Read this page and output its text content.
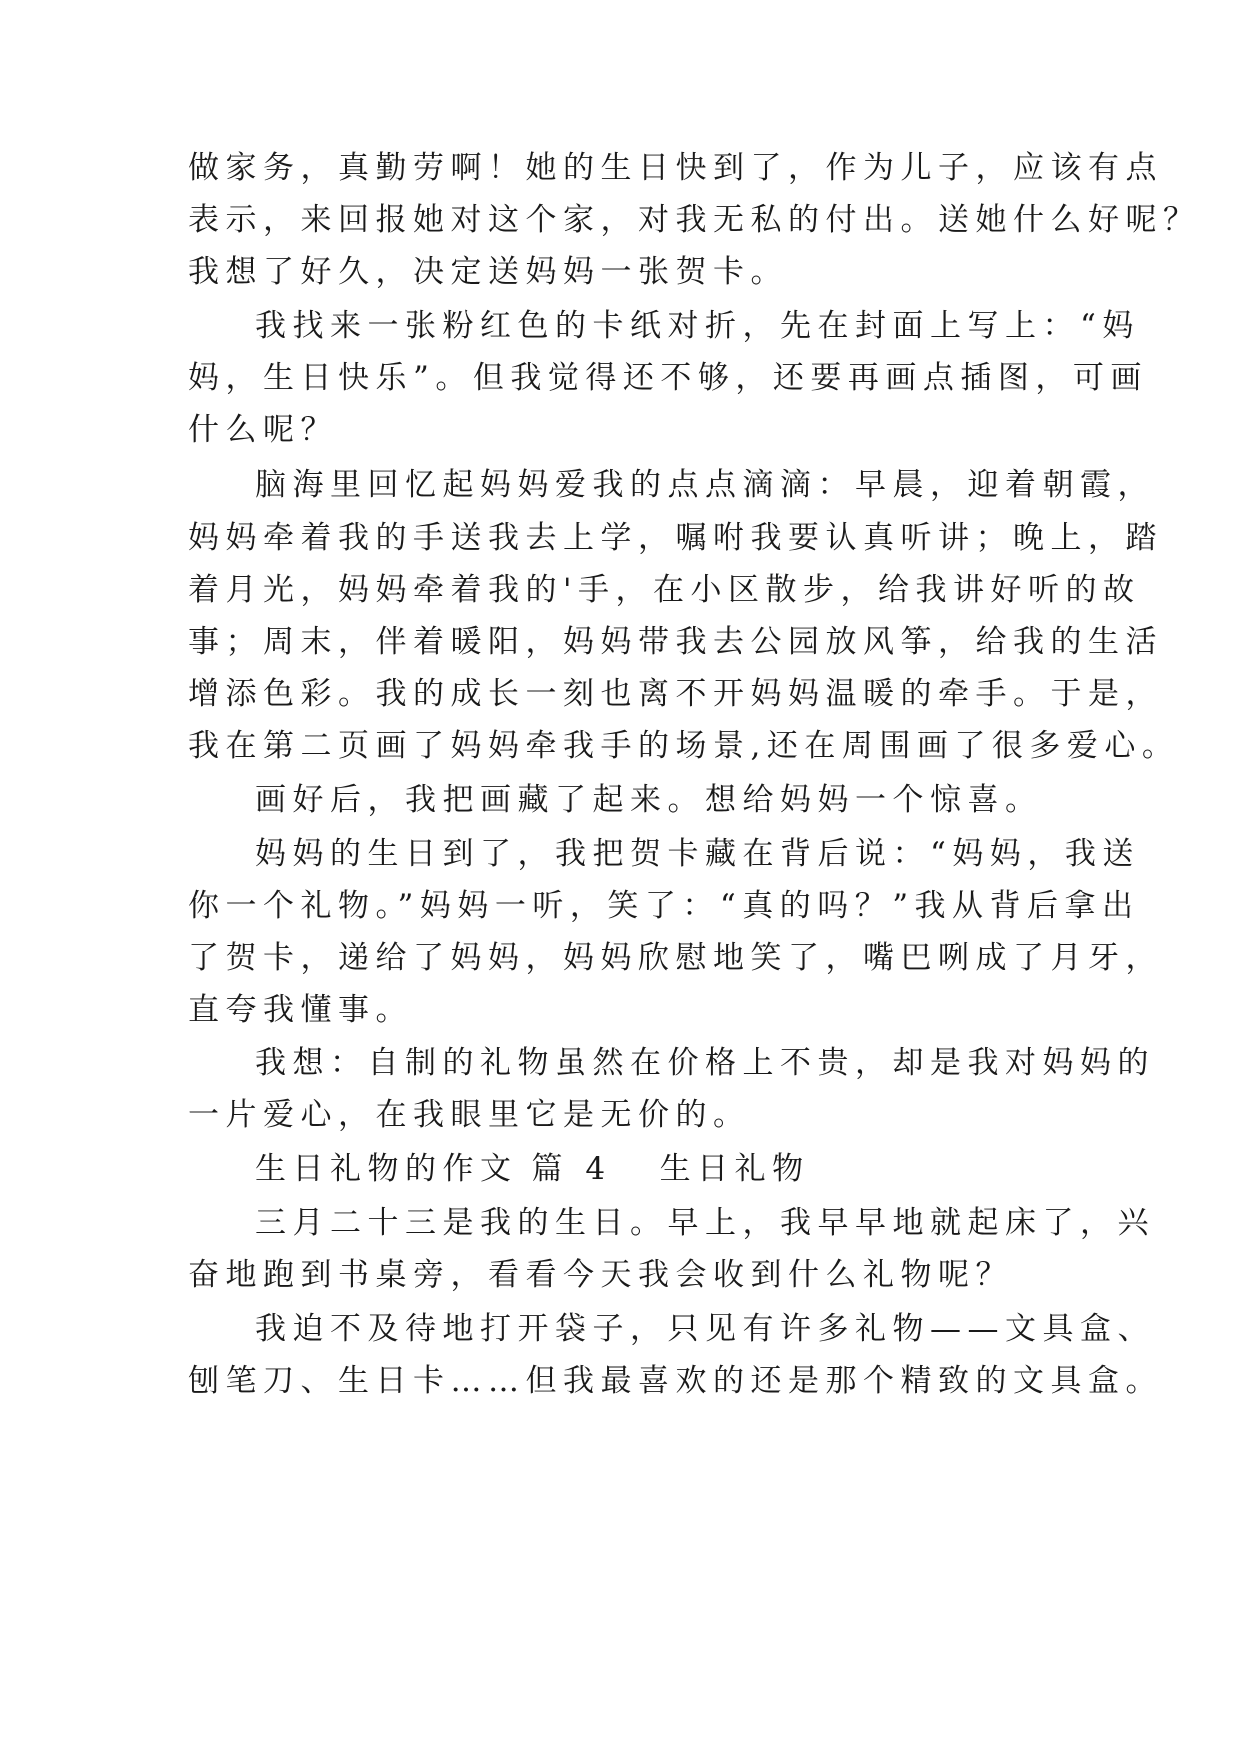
做家务，真勤劳啊！她的生日快到了，作为儿子，应该有点
表示，来回报她对这个家，对我无私的付出。送她什么好呢？
我想了好久，决定送妈妈一张贺卡。
我找来一张粉红色的卡纸对折，先在封面上写上：“妈
妈，生日快乐”。但我觉得还不够，还要再画点插图，可画
什么呢？
脑海里回忆起妈妈爱我的点点滴滴：早晨，迎着朝霞，
妈妈牵着我的手送我去上学，嘱咐我要认真听讲；晚上，踏
着月光，妈妈牵着我的'手，在小区散步，给我讲好听的故
事；周末，伴着暖阳，妈妈带我去公园放风筝，给我的生活
增添色彩。我的成长一刻也离不开妈妈温暖的牵手。于是，
我在第二页画了妈妈牵我手的场景,还在周围画了很多爱心。
画好后，我把画藏了起来。想给妈妈一个惊喜。
妈妈的生日到了，我把贺卡藏在背后说：“妈妈，我送
你一个礼物。”妈妈一听，笑了：“真的吗？”我从背后拿出
了贺卡，递给了妈妈，妈妈欣慰地笑了，嘴巴咧成了月牙，
直夸我懂事。
我想：自制的礼物虽然在价格上不贵，却是我对妈妈的
一片爱心，在我眼里它是无价的。
生日礼物的作文 篇 4 生日礼物
三月二十三是我的生日。早上，我早早地就起床了，兴
奋地跑到书桌旁，看看今天我会收到什么礼物呢？
我迫不及待地打开袋子，只见有许多礼物——文具盒、
刨笔刀、生日卡……但我最喜欢的还是那个精致的文具盒。
